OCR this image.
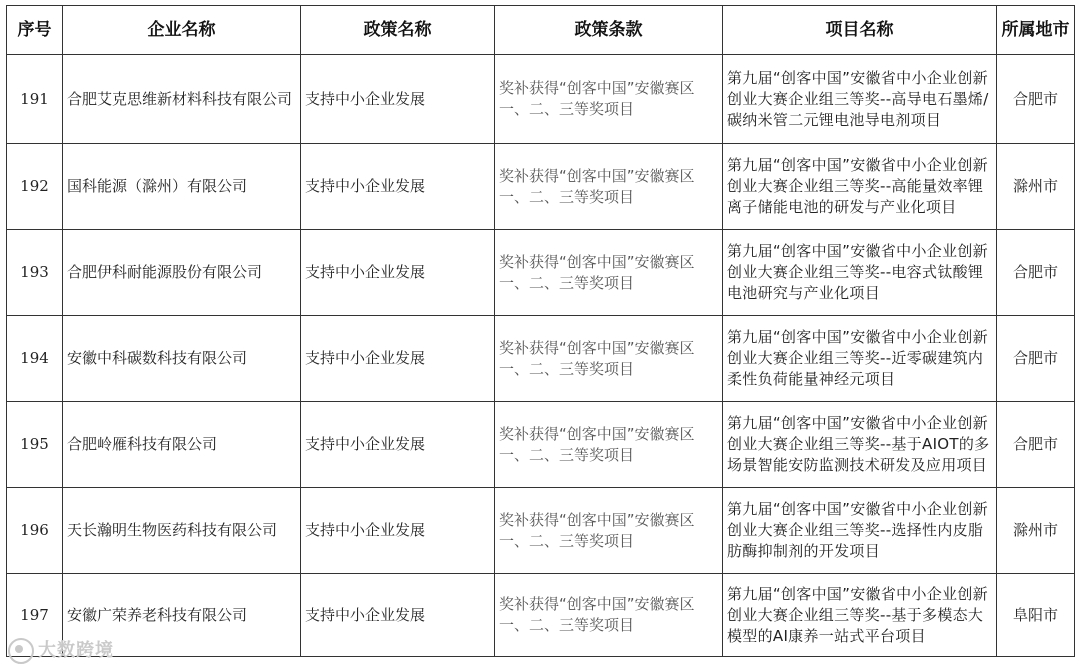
序号	企业名称	政策名称	政策条款	项目名称	所属地市
191	合肥艾克思维新材料科技有限公司	支持中小企业发展	奖补获得“创客中国”安徽赛区一、二、三等奖项目	第九届“创客中国”安徽省中小企业创新创业大赛企业组三等奖--高导电石墨烯/碳纳米管二元锂电池导电剂项目	合肥市
192	国科能源（滁州）有限公司	支持中小企业发展	奖补获得“创客中国”安徽赛区一、二、三等奖项目	第九届“创客中国”安徽省中小企业创新创业大赛企业组三等奖--高能量效率锂离子储能电池的研发与产业化项目	滁州市
193	合肥伊科耐能源股份有限公司	支持中小企业发展	奖补获得“创客中国”安徽赛区一、二、三等奖项目	第九届“创客中国”安徽省中小企业创新创业大赛企业组三等奖--电容式钛酸锂电池研究与产业化项目	合肥市
194	安徽中科碳数科技有限公司	支持中小企业发展	奖补获得“创客中国”安徽赛区一、二、三等奖项目	第九届“创客中国”安徽省中小企业创新创业大赛企业组三等奖--近零碳建筑内柔性负荷能量神经元项目	合肥市
195	合肥岭雁科技有限公司	支持中小企业发展	奖补获得“创客中国”安徽赛区一、二、三等奖项目	第九届“创客中国”安徽省中小企业创新创业大赛企业组三等奖--基于AIOT的多场景智能安防监测技术研发及应用项目	合肥市
196	天长瀚明生物医药科技有限公司	支持中小企业发展	奖补获得“创客中国”安徽赛区一、二、三等奖项目	第九届“创客中国”安徽省中小企业创新创业大赛企业组三等奖--选择性内皮脂肪酶抑制剂的开发项目	滁州市
197	安徽广荣养老科技有限公司	支持中小企业发展	奖补获得“创客中国”安徽赛区一、二、三等奖项目	第九届“创客中国”安徽省中小企业创新创业大赛企业组三等奖--基于多模态大模型的AI康养一站式平台项目	阜阳市
大数跨境
